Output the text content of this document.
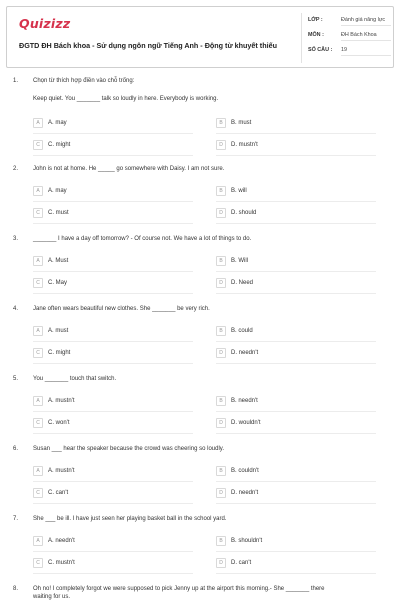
Quizizz
ĐGTD ĐH Bách khoa - Sử dụng ngôn ngữ Tiếng Anh - Động từ khuyết thiếu
LỚP :	Đánh giá năng lực
MÔN :	ĐH Bách Khoa
SỐ CÂU : 19
1. Chọn từ thích hợp điền vào chỗ trống:
Keep quiet. You _______ talk so loudly in here. Everybody is working.
A	A. may	B	B. must
C	C. might	D	D. mustn't
2. John is not at home. He _____ go somewhere with Daisy. I am not sure.
A	A. may	B	B. will
C	C. must	D	D. should
3. _______ I have a day off tomorrow? - Of course not. We have a lot of things to do.
A	A. Must	B	B. Will
C	C. May	D	D. Need
4. Jane often wears beautiful new clothes. She _______ be very rich.
A	A. must	B	B. could
C	C. might	D	D. needn't
5. You _______ touch that switch.
A	A. mustn't	B	B. needn't
C	C. won't	D	D. wouldn't
6. Susan ___ hear the speaker because the crowd was cheering so loudly.
A	A. mustn't	B	B. couldn't
C	C. can't	D	D. needn't
7. She ___ be ill. I have just seen her playing basket ball in the school yard.
A	A. needn't	B	B. shouldn't
C	C. mustn't	D	D. can't
8. Oh no! I completely forgot we were supposed to pick Jenny up at the airport this morning.- She _______ there
waiting for us.
